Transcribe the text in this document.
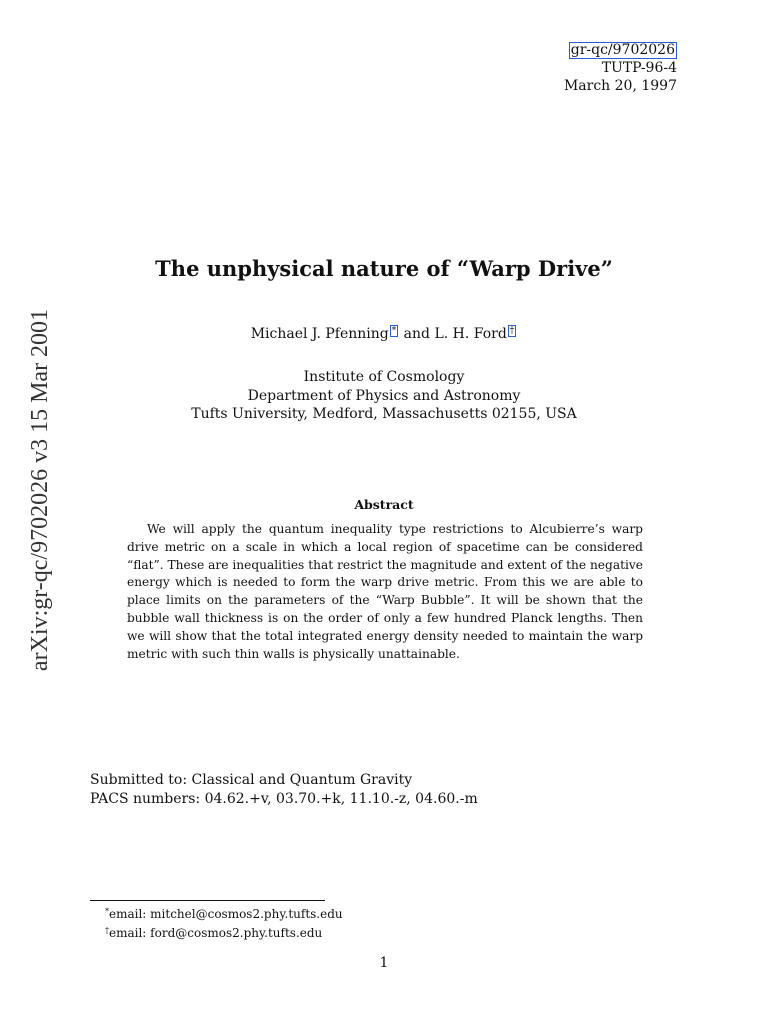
gr-qc/9702026
TUTP-96-4
March 20, 1997
arXiv:gr-qc/9702026 v3 15 Mar 2001
The unphysical nature of “Warp Drive”
Michael J. Pfenning * and L. H. Ford †
Institute of Cosmology
Department of Physics and Astronomy
Tufts University, Medford, Massachusetts 02155, USA
Abstract
We will apply the quantum inequality type restrictions to Alcubierre’s warp drive metric on a scale in which a local region of spacetime can be considered “flat”. These are inequalities that restrict the magnitude and extent of the negative energy which is needed to form the warp drive metric. From this we are able to place limits on the parameters of the “Warp Bubble”. It will be shown that the bubble wall thickness is on the order of only a few hundred Planck lengths. Then we will show that the total integrated energy density needed to maintain the warp metric with such thin walls is physically unattainable.
Submitted to: Classical and Quantum Gravity
PACS numbers: 04.62.+v, 03.70.+k, 11.10.-z, 04.60.-m
*email: mitchel@cosmos2.phy.tufts.edu
†email: ford@cosmos2.phy.tufts.edu
1
